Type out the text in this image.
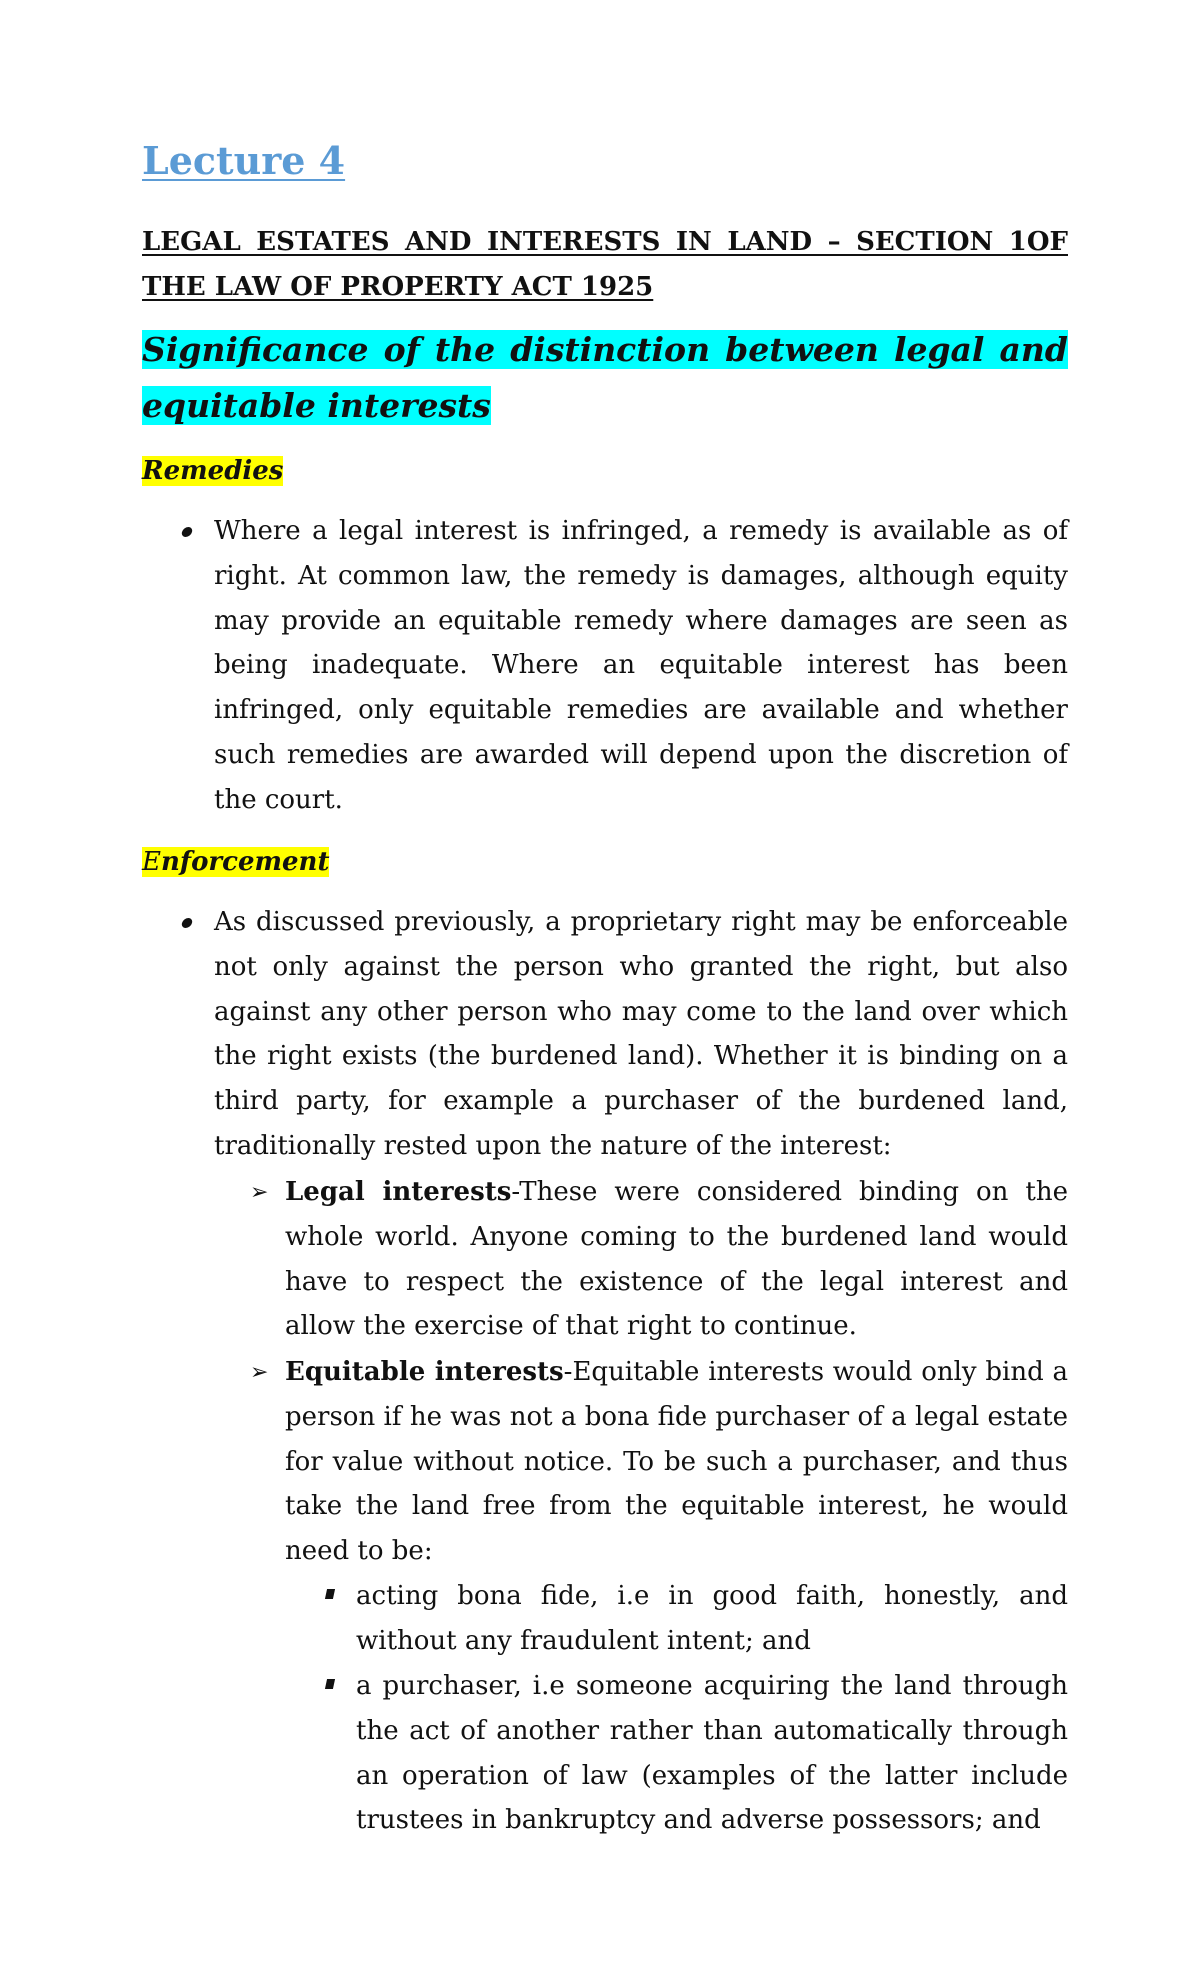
Lecture 4
LEGAL ESTATES AND INTERESTS IN LAND – SECTION 1OF THE LAW OF PROPERTY ACT 1925
Significance of the distinction between legal and equitable interests
Remedies
Where a legal interest is infringed, a remedy is available as of right. At common law, the remedy is damages, although equity may provide an equitable remedy where damages are seen as being inadequate. Where an equitable interest has been infringed, only equitable remedies are available and whether such remedies are awarded will depend upon the discretion of the court.
Enforcement
As discussed previously, a proprietary right may be enforceable not only against the person who granted the right, but also against any other person who may come to the land over which the right exists (the burdened land). Whether it is binding on a third party, for example a purchaser of the burdened land, traditionally rested upon the nature of the interest:
➢ Legal interests-These were considered binding on the whole world. Anyone coming to the burdened land would have to respect the existence of the legal interest and allow the exercise of that right to continue.
➢ Equitable interests-Equitable interests would only bind a person if he was not a bona fide purchaser of a legal estate for value without notice. To be such a purchaser, and thus take the land free from the equitable interest, he would need to be:
acting bona fide, i.e in good faith, honestly, and without any fraudulent intent; and
a purchaser, i.e someone acquiring the land through the act of another rather than automatically through an operation of law (examples of the latter include trustees in bankruptcy and adverse possessors; and
